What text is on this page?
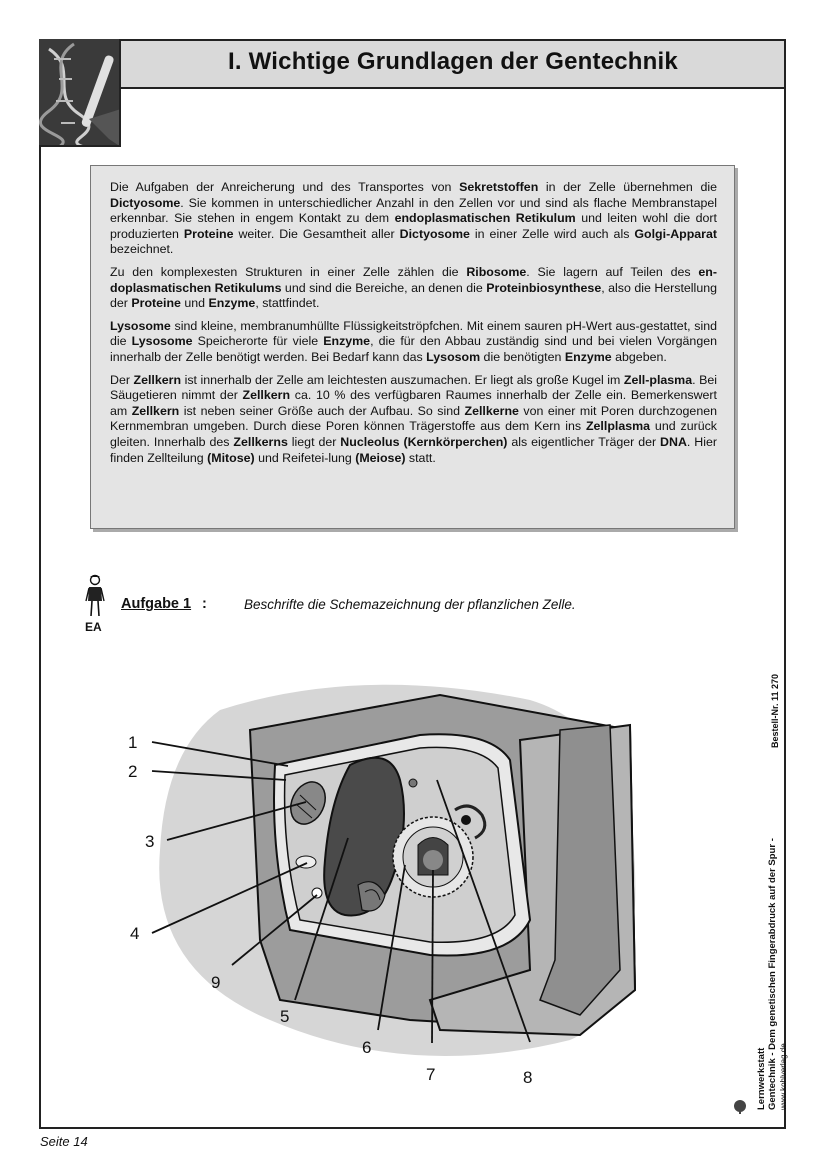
I. Wichtige Grundlagen der Gentechnik

Die Aufgaben der Anreicherung und des Transportes von Sekretstoffen in der Zelle übernehmen die Dictyosome. Sie kommen in unterschiedlicher Anzahl in den Zellen vor und sind als flache Membranstapel erkennbar. Sie stehen in engem Kontakt zu dem endoplasmatischen Retikulum und leiten wohl die dort produzierten Proteine weiter. Die Gesamtheit aller Dictyosome in einer Zelle wird auch als Golgi-Apparat bezeichnet.

Zu den komplexesten Strukturen in einer Zelle zählen die Ribosome. Sie lagern auf Teilen des en-doplasmatischen Retikulums und sind die Bereiche, an denen die Proteinbiosynthese, also die Herstellung der Proteine und Enzyme, stattfindet.

Lysosome sind kleine, membranumhüllte Flüssigkeitströpfchen. Mit einem sauren pH-Wert aus-gestattet, sind die Lysosome Speicherorte für viele Enzyme, die für den Abbau zuständig sind und bei vielen Vorgängen innerhalb der Zelle benötigt werden. Bei Bedarf kann das Lysosom die benötigten Enzyme abgeben.

Der Zellkern ist innerhalb der Zelle am leichtesten auszumachen. Er liegt als große Kugel im Zell-plasma. Bei Säugetieren nimmt der Zellkern ca. 10 % des verfügbaren Raumes innerhalb der Zelle ein. Bemerkenswert am Zellkern ist neben seiner Größe auch der Aufbau. So sind Zellkerne von einer mit Poren durchzogenen Kernmembran umgeben. Durch diese Poren können Trägerstoffe aus dem Kern ins Zellplasma und zurück gleiten. Innerhalb des Zellkerns liegt der Nucleolus (Kernkörperchen) als eigentlicher Träger der DNA. Hier finden Zellteilung (Mitose) und Reifetei-lung (Meiose) statt.

EA
Aufgabe 1 :	Beschrifte die Schemazeichnung der pflanzlichen Zelle.
1
2
3
4
5
6
7	8
9
Bestell-Nr. 11 270
Lernwerkstatt Gentechnik - Dem genetischen Fingerabdruck auf der Spur - www.kohlverlag.de
Seite 14
